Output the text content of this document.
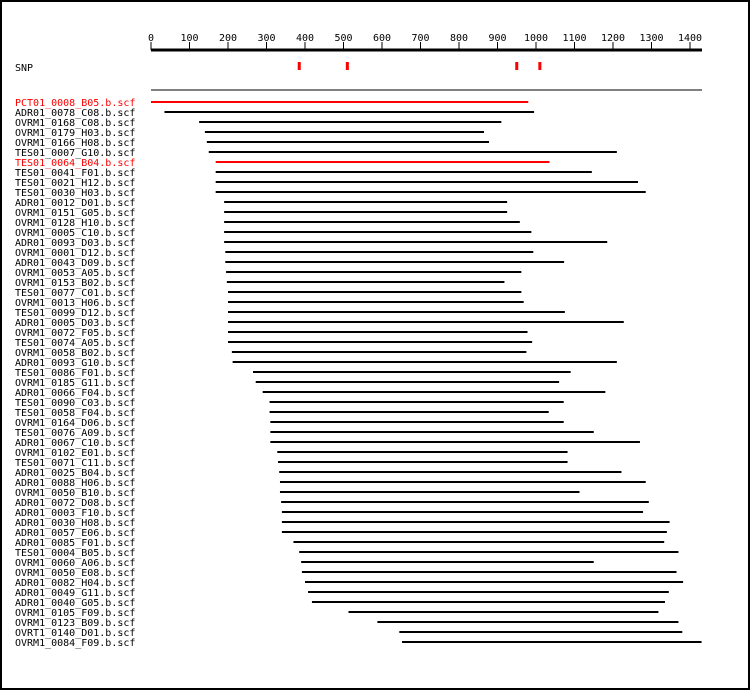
0	100 200 300 400 500 600 700 800 900 1000 1100 1200 1300 1400
SNP
PCT01_0008_B05.b.scf
ADR01_0078_C08.b.scf
OVRM1_0168_C08.b.scf
OVRM1_0179_H03.b.scf
OVRM1_0166_H08.b.scf
TES01_0007_G10.b.scf
TES01_0064_B04.b.scf
TES01_0041_F01.b.scf
TES01_0021_H12.b.scf
TES01_0030_H03.b.scf
ADR01_0012_D01.b.scf
OVRM1_0151_G05.b.scf
OVRM1_0128_H10.b.scf
OVRM1_0005_C10.b.scf
ADR01_0093_D03.b.scf
OVRM1_0001_D12.b.scf
ADR01_0043_D09.b.scf
OVRM1_0053_A05.b.scf
OVRM1_0153_B02.b.scf
TES01_0077_C01.b.scf
OVRM1_0013_H06.b.scf
TES01_0099_D12.b.scf
ADR01_0005_D03.b.scf
OVRM1_0072_F05.b.scf
TES01_0074_A05.b.scf
OVRM1_0058_B02.b.scf
ADR01_0093_G10.b.scf
TES01_0086_F01.b.scf
OVRM1_0185_G11.b.scf
ADR01_0066_F04.b.scf
TES01_0090_C03.b.scf
TES01_0058_F04.b.scf
OVRM1_0164_D06.b.scf
TES01_0076_A09.b.scf
ADR01_0067_C10.b.scf
OVRM1_0102_E01.b.scf
TES01_0071_C11.b.scf
ADR01_0025_B04.b.scf
ADR01_0088_H06.b.scf
OVRM1_0050_B10.b.scf
ADR01_0072_D08.b.scf
ADR01_0003_F10.b.scf
ADR01_0030_H08.b.scf
ADR01_0057_E06.b.scf
ADR01_0085_F01.b.scf
TES01_0004_B05.b.scf
OVRM1_0060_A06.b.scf
OVRM1_0050_E08.b.scf
ADR01_0082_H04.b.scf
ADR01_0049_G11.b.scf
ADR01_0040_G05.b.scf
OVRM1_0105_F09.b.scf
OVRM1_0123_B09.b.scf
OVRT1_0140_D01.b.scf
OVRM1_0084_F09.b.scf
